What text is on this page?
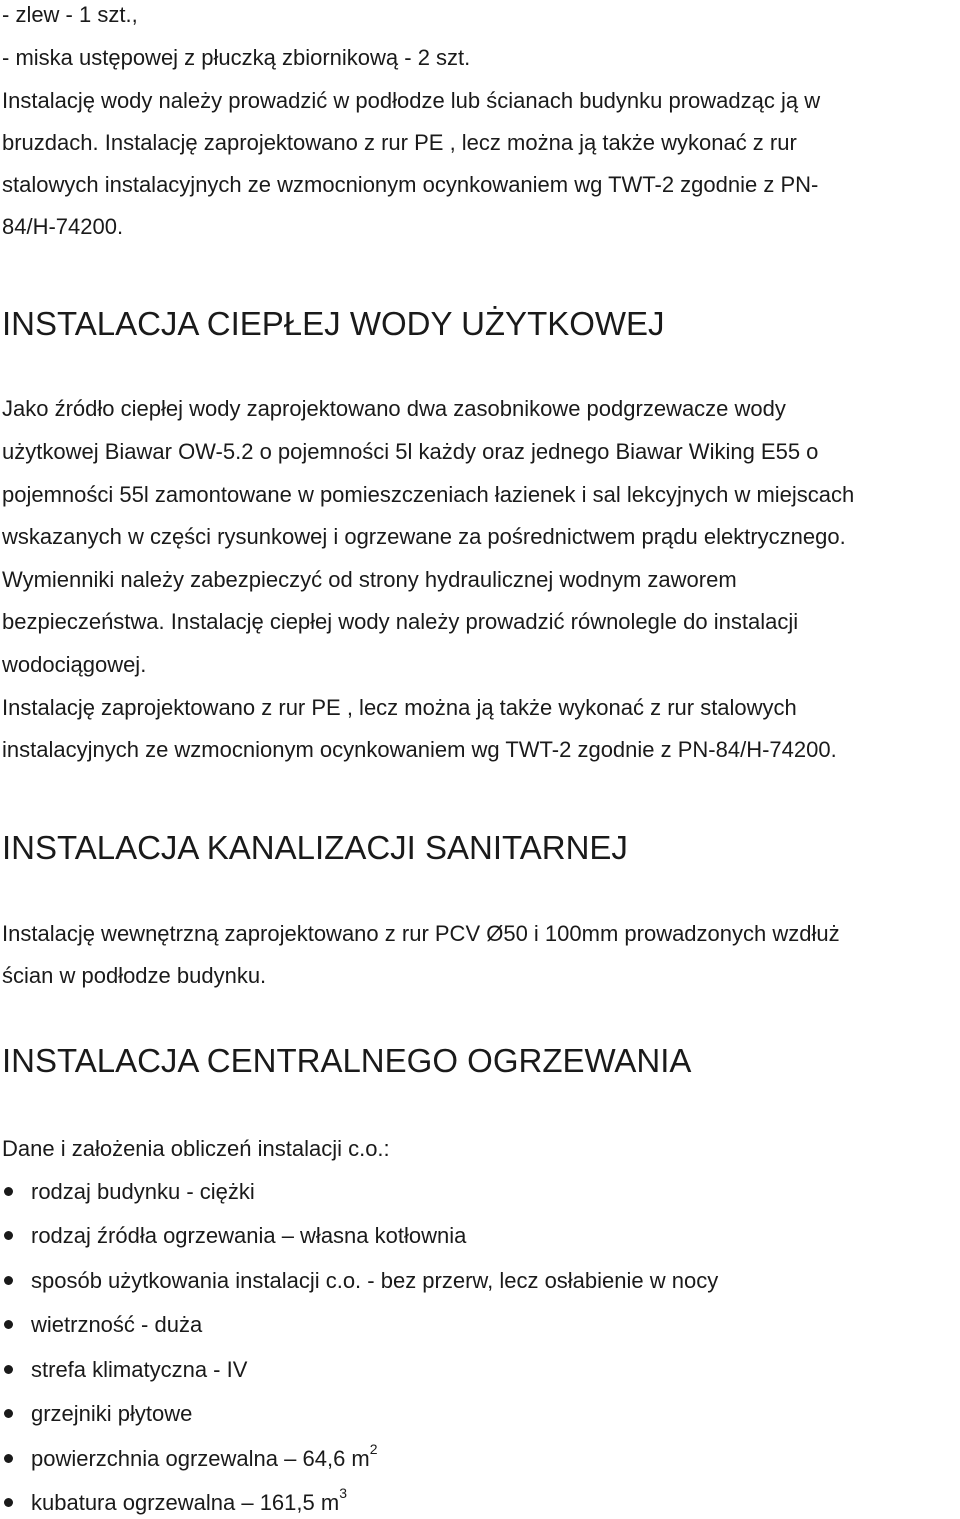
- zlew - 1 szt.,

- miska ustępowej z płuczką zbiornikową - 2 szt.

Instalację wody należy prowadzić w podłodze lub ścianach budynku prowadząc ją w

bruzdach. Instalację zaprojektowano z rur PE , lecz można ją także wykonać z rur

stalowych instalacyjnych ze wzmocnionym ocynkowaniem wg TWT-2 zgodnie z PN-

84/H-74200.

INSTALACJA CIEPŁEJ WODY UŻYTKOWEJ

Jako źródło ciepłej wody zaprojektowano dwa zasobnikowe podgrzewacze wody

użytkowej Biawar OW-5.2 o pojemności 5l każdy oraz jednego Biawar Wiking E55 o

pojemności 55l zamontowane w pomieszczeniach łazienek i sal lekcyjnych w miejscach

wskazanych w części rysunkowej i ogrzewane za pośrednictwem prądu elektrycznego.

Wymienniki należy zabezpieczyć od strony hydraulicznej wodnym zaworem

bezpieczeństwa. Instalację ciepłej wody należy prowadzić równolegle do instalacji

wodociągowej.

Instalację zaprojektowano z rur PE , lecz można ją także wykonać z rur stalowych

instalacyjnych ze wzmocnionym ocynkowaniem wg TWT-2 zgodnie z PN-84/H-74200.

INSTALACJA KANALIZACJI SANITARNEJ

Instalację wewnętrzną zaprojektowano z rur PCV Ø50 i 100mm prowadzonych wzdłuż

ścian w podłodze budynku.

INSTALACJA CENTRALNEGO OGRZEWANIA

Dane i założenia obliczeń instalacji c.o.:

rodzaj budynku - ciężki
rodzaj źródła ogrzewania – własna kotłownia
sposób użytkowania instalacji c.o. - bez przerw, lecz osłabienie w nocy
wietrzność - duża
strefa klimatyczna - IV
grzejniki płytowe
powierzchnia ogrzewalna – 64,6 $m^2$
kubatura ogrzewalna – 161,5 $m^3$
